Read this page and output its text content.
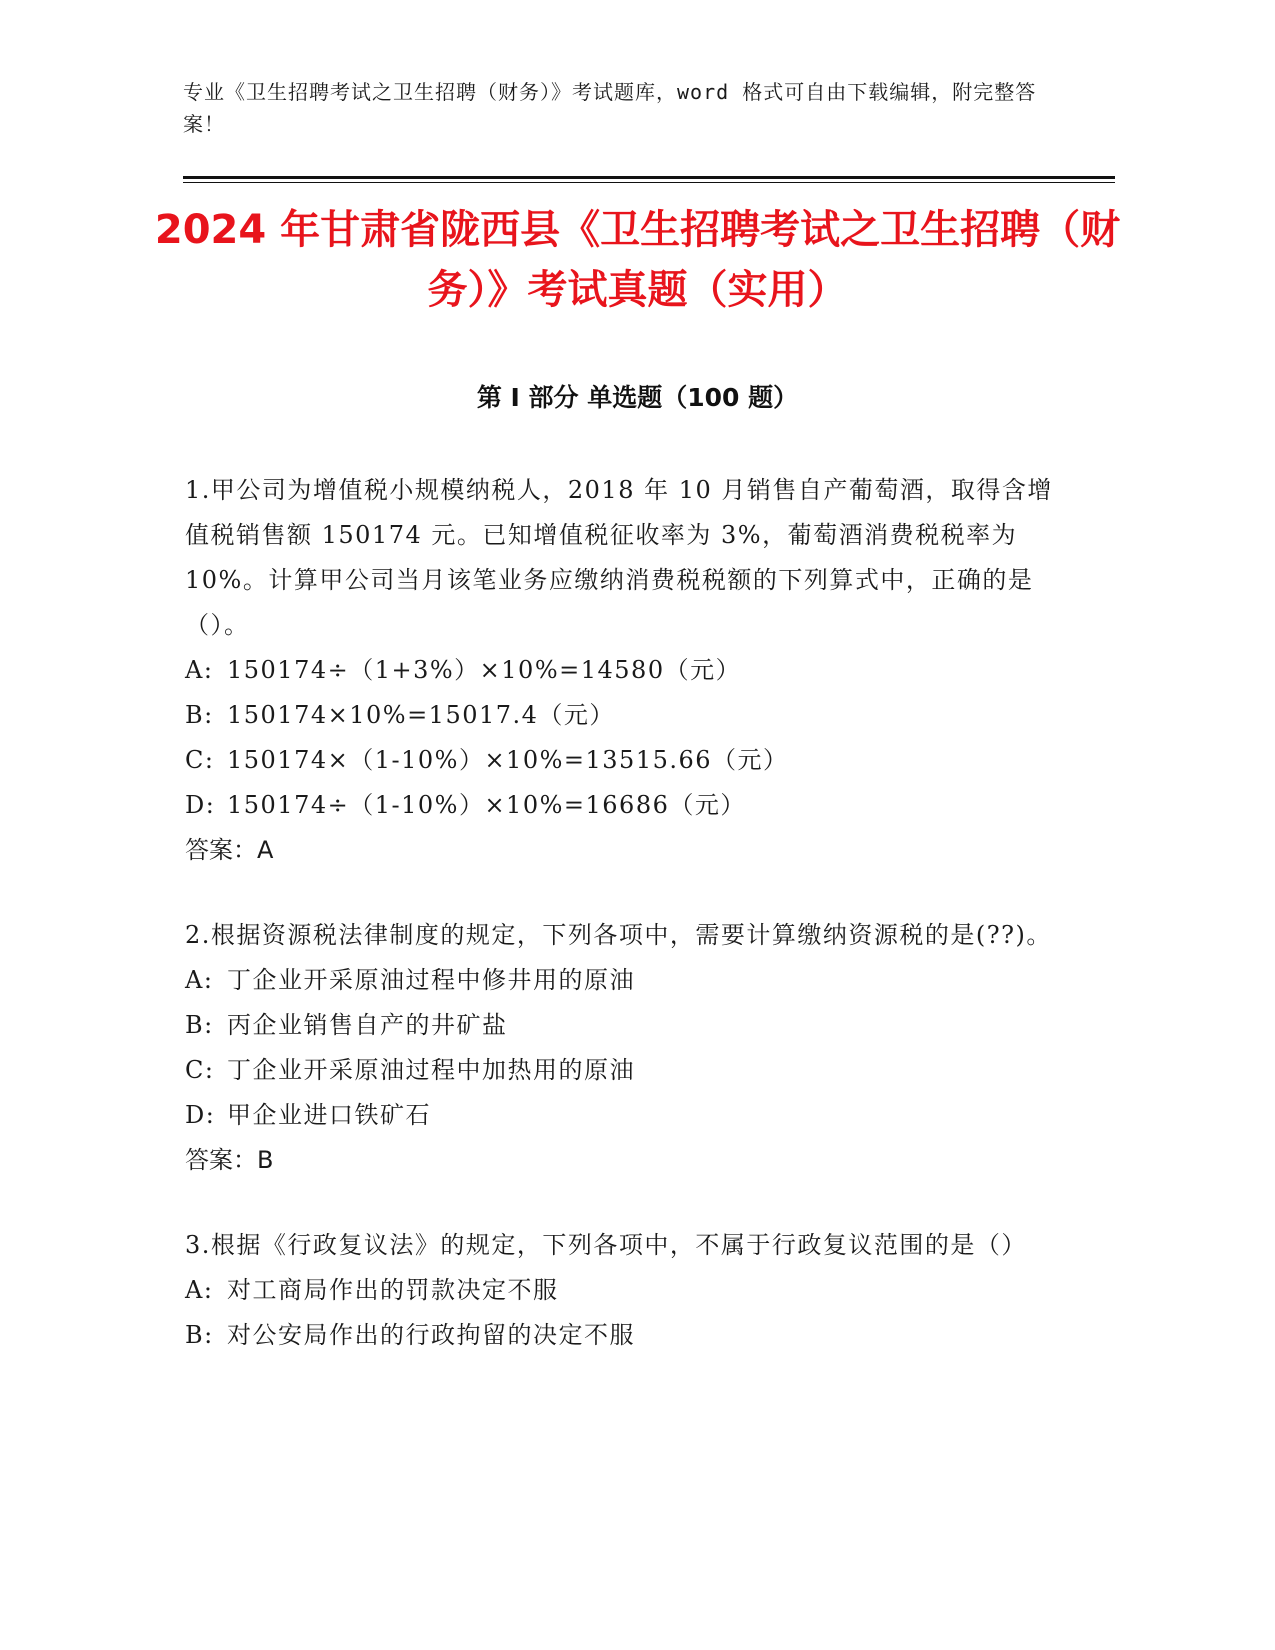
专业《卫生招聘考试之卫生招聘（财务）》考试题库，word 格式可自由下载编辑，附完整答案！
2024 年甘肃省陇西县《卫生招聘考试之卫生招聘（财务）》考试真题（实用）
第 I 部分 单选题（100 题）

1.甲公司为增值税小规模纳税人，2018 年 10 月销售自产葡萄酒，取得含增值税销售额 150174 元。已知增值税征收率为 3%，葡萄酒消费税税率为 10%。计算甲公司当月该笔业务应缴纳消费税税额的下列算式中，正确的是（）。

A: 150174÷（1+3%）×10%=14580（元）

B: 150174×10%=15017.4（元）

C: 150174×（1-10%）×10%=13515.66（元）

D: 150174÷（1-10%）×10%=16686（元）

答案：A

2.根据资源税法律制度的规定，下列各项中，需要计算缴纳资源税的是(??)。

A: 丁企业开采原油过程中修井用的原油

B: 丙企业销售自产的井矿盐

C: 丁企业开采原油过程中加热用的原油

D: 甲企业进口铁矿石

答案：B

3.根据《行政复议法》的规定，下列各项中，不属于行政复议范围的是（）

A: 对工商局作出的罚款决定不服

B: 对公安局作出的行政拘留的决定不服
